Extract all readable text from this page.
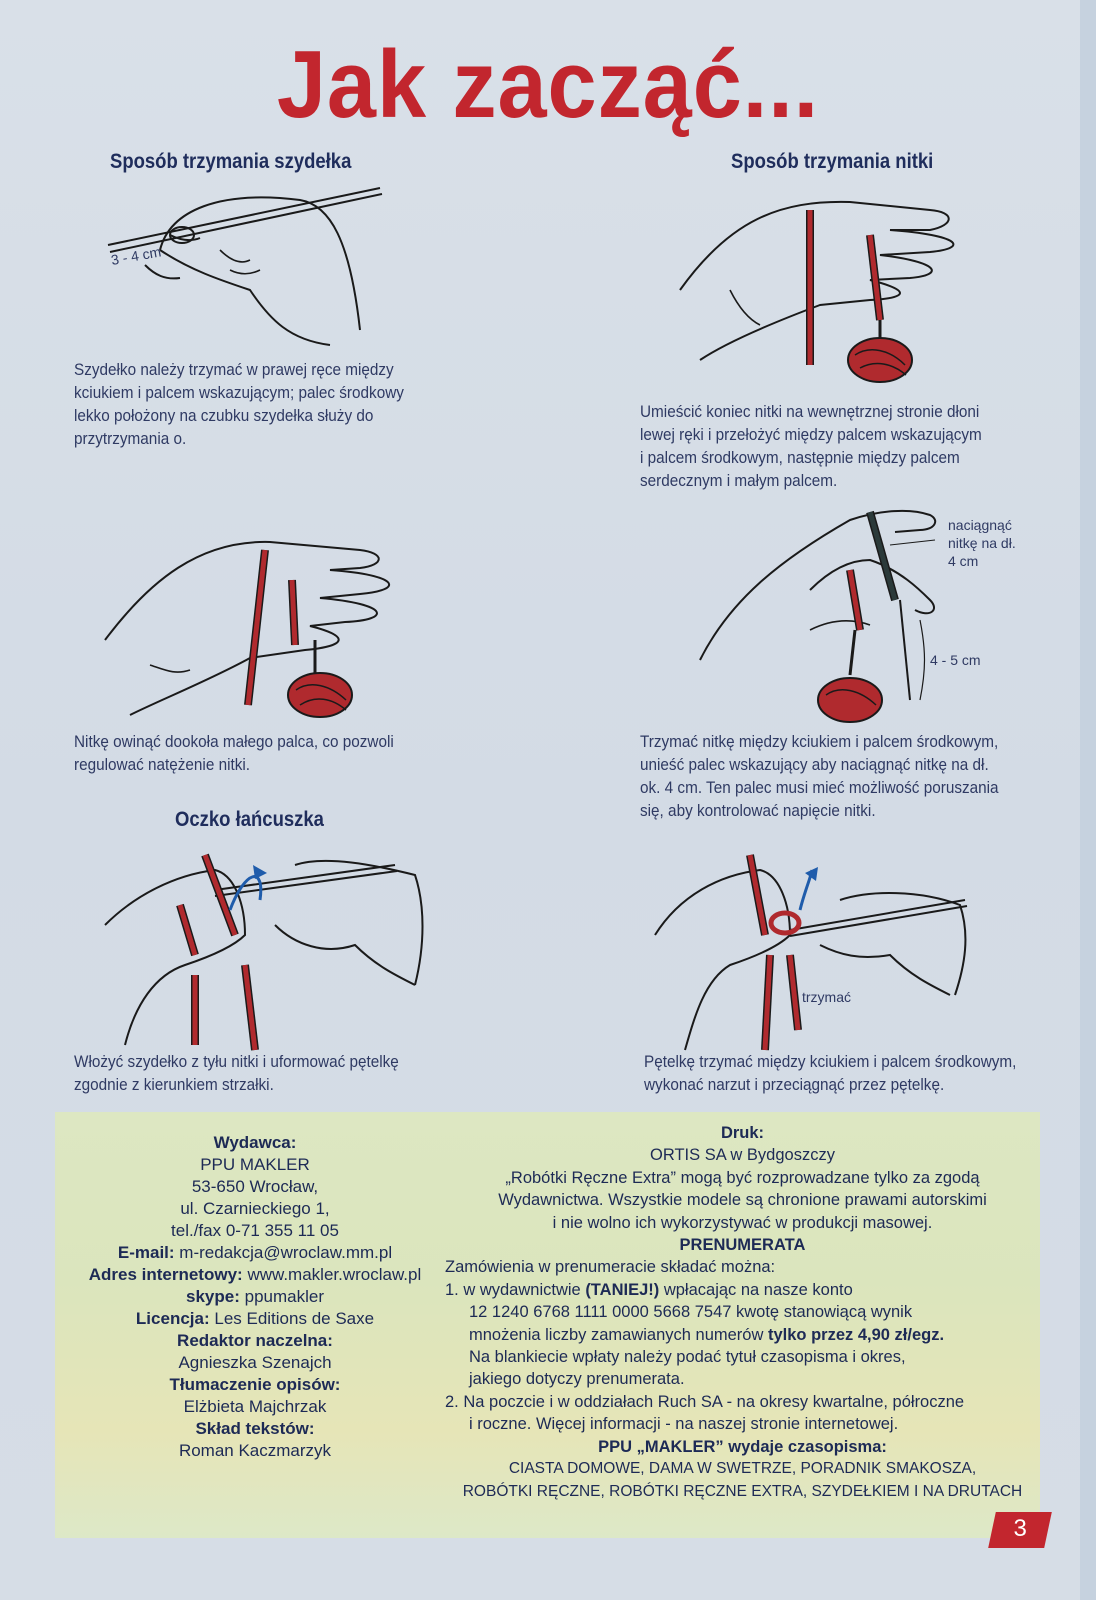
Jak zacząć...
Sposób trzymania szydełka	Sposób trzymania nitki
Oczko łańcuszka
3 - 4 cm
Szydełko należy trzymać w prawej ręce między
kciukiem i palcem wskazującym; palec środkowy
lekko położony na czubku szydełka służy do
przytrzymania o.
Umieścić koniec nitki na wewnętrznej stronie dłoni
lewej ręki i przełożyć między palcem wskazującym
i palcem środkowym, następnie między palcem
serdecznym i małym palcem.
Nitkę owinąć dookoła małego palca, co pozwoli
regulować natężenie nitki.
naciągnąć
nitkę na dł.
4 cm
4 - 5 cm
Trzymać nitkę między kciukiem i palcem środkowym,
unieść palec wskazujący aby naciągnąć nitkę na dł.
ok. 4 cm. Ten palec musi mieć możliwość poruszania
się, aby kontrolować napięcie nitki.
Włożyć szydełko z tyłu nitki i uformować pętelkę
zgodnie z kierunkiem strzałki.
trzymać
Pętelkę trzymać między kciukiem i palcem środkowym,
wykonać narzut i przeciągnąć przez pętelkę.
Wydawca:
PPU MAKLER
53-650 Wrocław,
ul. Czarnieckiego 1,
tel./fax 0-71 355 11 05
E-mail: m-redakcja@wroclaw.mm.pl
Adres internetowy: www.makler.wroclaw.pl
skype: ppumakler
Licencja: Les Editions de Saxe
Redaktor naczelna:
Agnieszka Szenajch
Tłumaczenie opisów:
Elżbieta Majchrzak
Skład tekstów:
Roman Kaczmarzyk
Druk:
ORTIS SA w Bydgoszczy
„Robótki Ręczne Extra” mogą być rozprowadzane tylko za zgodą
Wydawnictwa. Wszystkie modele są chronione prawami autorskimi
i nie wolno ich wykorzystywać w produkcji masowej.
PRENUMERATA
Zamówienia w prenumeracie składać można:
1. w wydawnictwie (TANIEJ!) wpłacając na nasze konto
12 1240 6768 1111 0000 5668 7547 kwotę stanowiącą wynik
mnożenia liczby zamawianych numerów tylko przez 4,90 zł/egz.
Na blankiecie wpłaty należy podać tytuł czasopisma i okres,
jakiego dotyczy prenumerata.
2. Na poczcie i w oddziałach Ruch SA - na okresy kwartalne, półroczne
i roczne. Więcej informacji - na naszej stronie internetowej.
PPU „MAKLER” wydaje czasopisma:
CIASTA DOMOWE, DAMA W SWETRZE, PORADNIK SMAKOSZA,
ROBÓTKI RĘCZNE, ROBÓTKI RĘCZNE EXTRA, SZYDEŁKIEM I NA DRUTACH
3
